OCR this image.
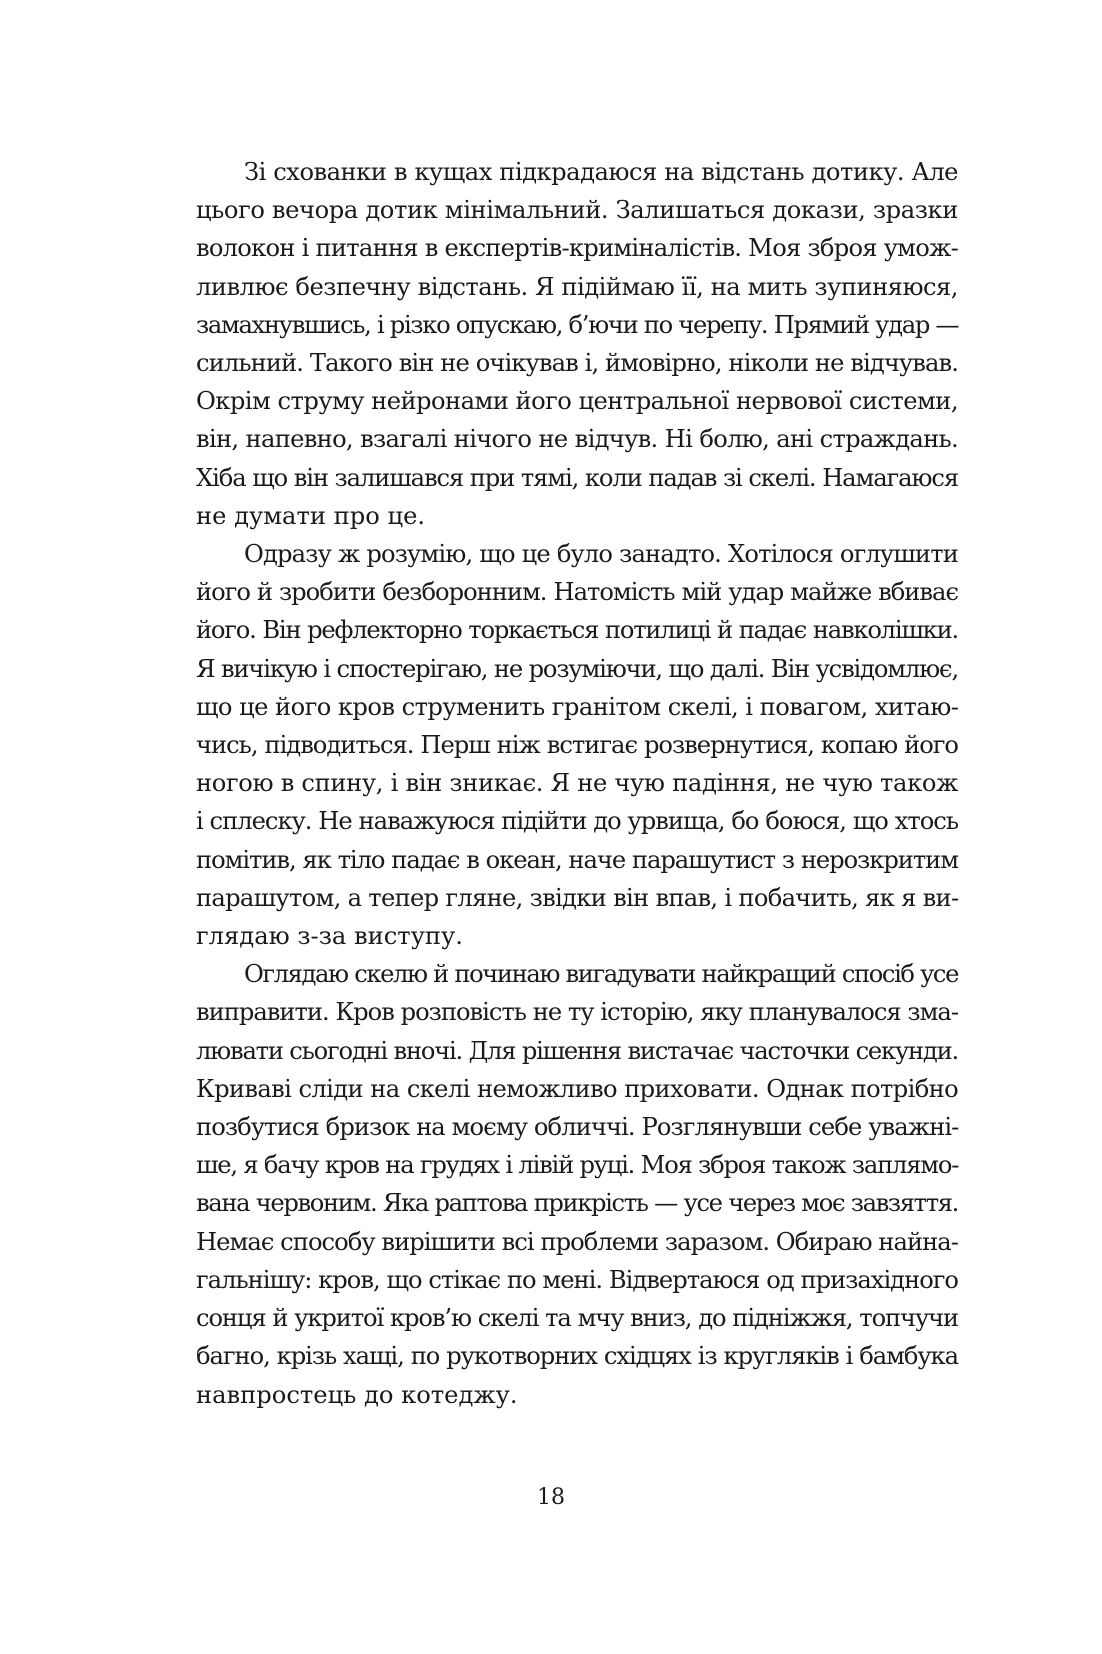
Зі схованки в кущах підкрадаюся на відстань дотику. Але
цього вечора дотик мінімальний. Залишаться докази, зразки
волокон і питання в експертів-криміналістів. Моя зброя умож-
ливлює безпечну відстань. Я підіймаю її, на мить зупиняюся,
замахнувшись, і різко опускаю, б’ючи по черепу. Прямий удар —
сильний. Такого він не очікував і, ймовірно, ніколи не відчував.
Окрім струму нейронами його центральної нервової системи,
він, напевно, взагалі нічого не відчув. Ні болю, ані страждань.
Хіба що він залишався при тямі, коли падав зі скелі. Намагаюся
не думати про це.
Одразу ж розумію, що це було занадто. Хотілося оглушити
його й зробити безборонним. Натомість мій удар майже вбиває
його. Він рефлекторно торкається потилиці й падає навколішки.
Я вичікую і спостерігаю, не розуміючи, що далі. Він усвідомлює,
що це його кров струменить гранітом скелі, і повагом, хитаю-
чись, підводиться. Перш ніж встигає розвернутися, копаю його
ногою в спину, і він зникає. Я не чую падіння, не чую також
і сплеску. Не наважуюся підійти до урвища, бо боюся, що хтось
помітив, як тіло падає в океан, наче парашутист з нерозкритим
парашутом, а тепер гляне, звідки він впав, і побачить, як я ви-
глядаю з-за виступу.
Оглядаю скелю й починаю вигадувати найкращий спосіб усе
виправити. Кров розповість не ту історію, яку планувалося зма-
лювати сьогодні вночі. Для рішення вистачає часточки секунди.
Криваві сліди на скелі неможливо приховати. Однак потрібно
позбутися бризок на моєму обличчі. Розглянувши себе уважні-
ше, я бачу кров на грудях і лівій руці. Моя зброя також заплямо-
вана червоним. Яка раптова прикрість — усе через моє завзяття.
Немає способу вирішити всі проблеми заразом. Обираю найна-
гальнішу: кров, що стікає по мені. Відвертаюся од призахідного
сонця й укритої кров’ю скелі та мчу вниз, до підніжжя, топчучи
багно, крізь хащі, по рукотворних східцях із кругляків і бамбука
навпростець до котеджу.
18
